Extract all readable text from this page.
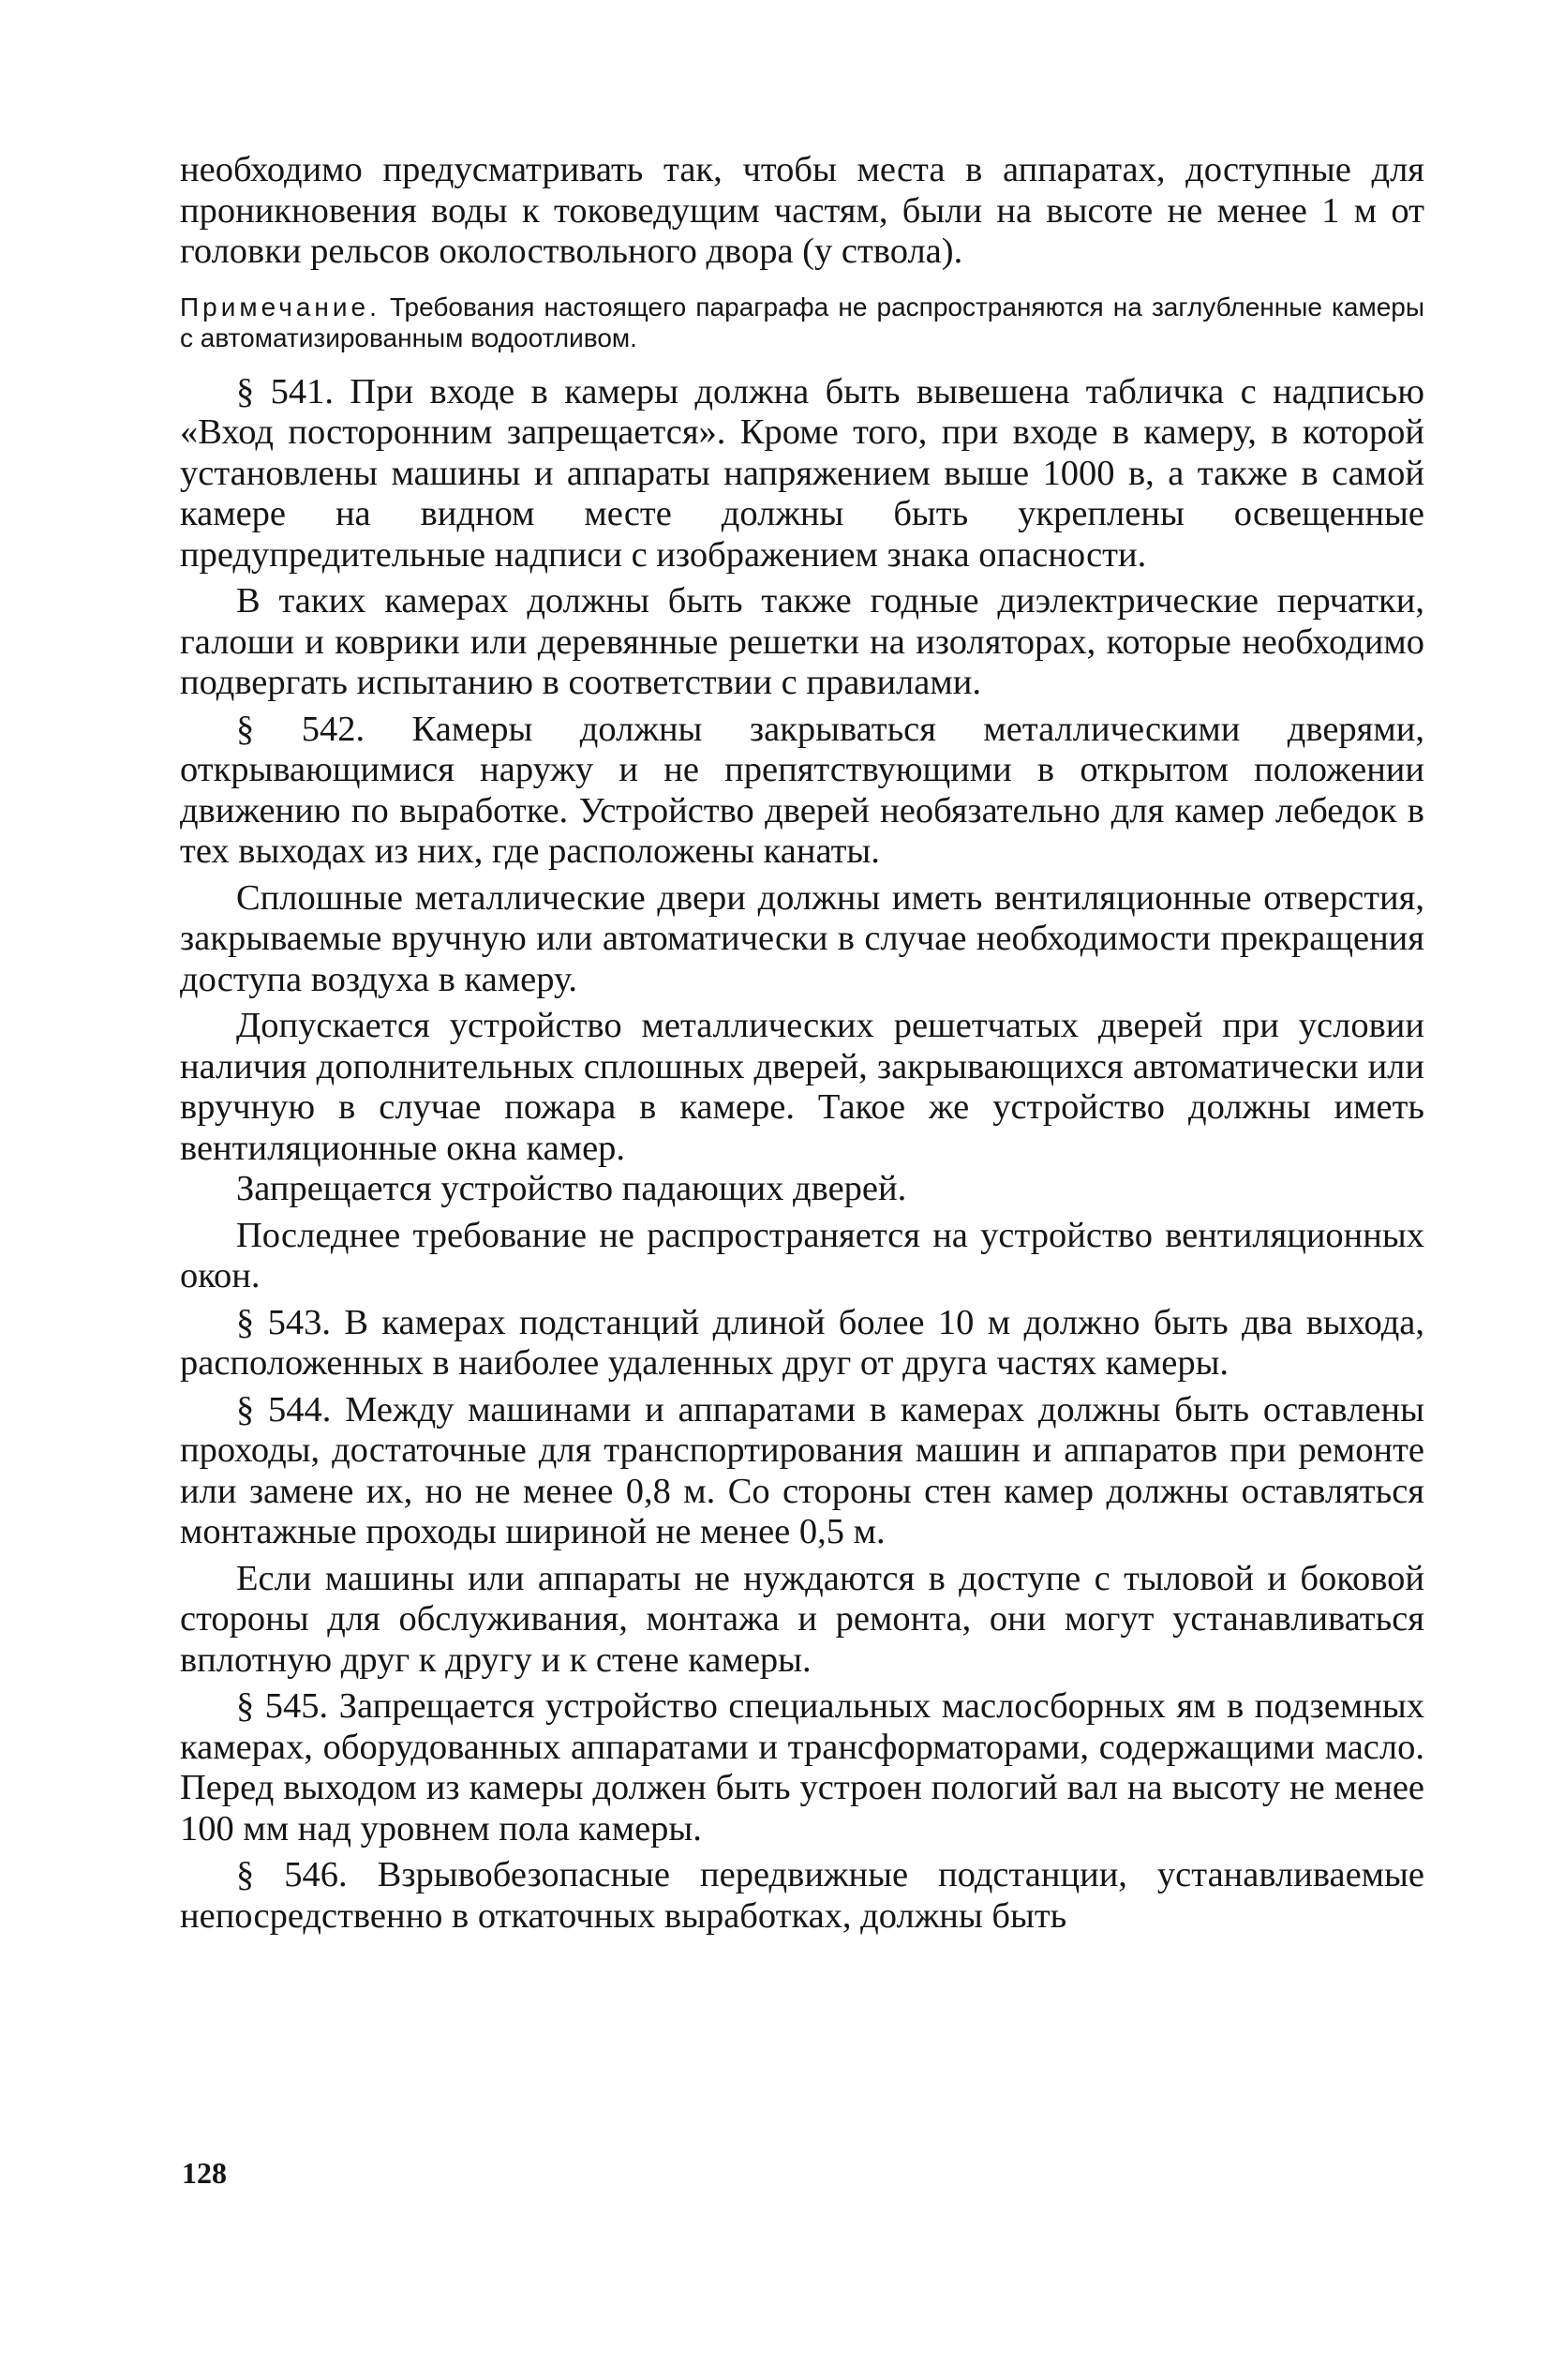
необходимо предусматривать так, чтобы места в аппаратах, доступные для проникновения воды к токоведущим частям, были на высоте не менее 1 м от головки рельсов околоствольного двора (у ствола).

Примечание. Требования настоящего параграфа не распространяются на заглубленные камеры с автоматизированным водоотливом.

§ 541. При входе в камеры должна быть вывешена табличка с надписью «Вход посторонним запрещается». Кроме того, при входе в камеру, в которой установлены машины и аппараты напряжением выше 1000 в, а также в самой камере на видном месте должны быть укреплены освещенные предупредительные надписи с изображением знака опасности.

В таких камерах должны быть также годные диэлектрические перчатки, галоши и коврики или деревянные решетки на изоляторах, которые необходимо подвергать испытанию в соответствии с правилами.

§ 542. Камеры должны закрываться металлическими дверями, открывающимися наружу и не препятствующими в открытом положении движению по выработке. Устройство дверей необязательно для камер лебедок в тех выходах из них, где расположены канаты.

Сплошные металлические двери должны иметь вентиляционные отверстия, закрываемые вручную или автоматически в случае необходимости прекращения доступа воздуха в камеру.

Допускается устройство металлических решетчатых дверей при условии наличия дополнительных сплошных дверей, закрывающихся автоматически или вручную в случае пожара в камере. Такое же устройство должны иметь вентиляционные окна камер.

Запрещается устройство падающих дверей.

Последнее требование не распространяется на устройство вентиляционных окон.

§ 543. В камерах подстанций длиной более 10 м должно быть два выхода, расположенных в наиболее удаленных друг от друга частях камеры.

§ 544. Между машинами и аппаратами в камерах должны быть оставлены проходы, достаточные для транспортирования машин и аппаратов при ремонте или замене их, но не менее 0,8 м. Со стороны стен камер должны оставляться монтажные проходы шириной не менее 0,5 м.

Если машины или аппараты не нуждаются в доступе с тыловой и боковой стороны для обслуживания, монтажа и ремонта, они могут устанавливаться вплотную друг к другу и к стене камеры.

§ 545. Запрещается устройство специальных маслосборных ям в подземных камерах, оборудованных аппаратами и трансформаторами, содержащими масло. Перед выходом из камеры должен быть устроен пологий вал на высоту не менее 100 мм над уровнем пола камеры.

§ 546. Взрывобезопасные передвижные подстанции, устанавливаемые непосредственно в откаточных выработках, должны быть

128
